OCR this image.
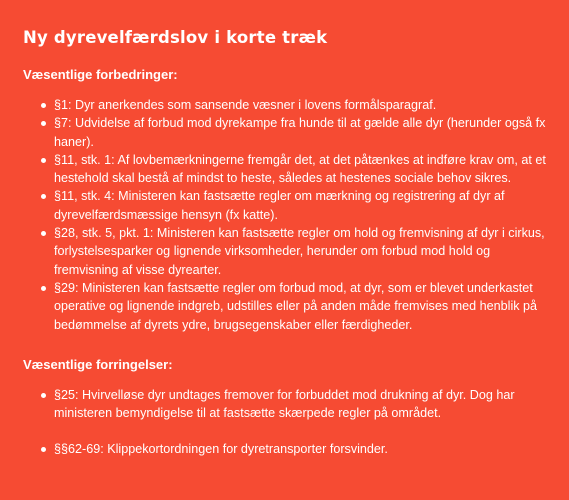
Ny dyrevelfærdslov i korte træk
Væsentlige forbedringer:
§1: Dyr anerkendes som sansende væsner i lovens formålsparagraf.
§7: Udvidelse af forbud mod dyrekampe fra hunde til at gælde alle dyr (herunder også fx haner).
§11, stk. 1: Af lovbemærkningerne fremgår det, at det påtænkes at indføre krav om, at et hestehold skal bestå af mindst to heste, således at hestenes sociale behov sikres.
§11, stk. 4: Ministeren kan fastsætte regler om mærkning og registrering af dyr af dyrevelfærdsmæssige hensyn (fx katte).
§28, stk. 5, pkt. 1: Ministeren kan fastsætte regler om hold og fremvisning af dyr i cirkus, forlystelsesparker og lignende virksomheder, herunder om forbud mod hold og fremvisning af visse dyrearter.
§29: Ministeren kan fastsætte regler om forbud mod, at dyr, som er blevet underkastet operative og lignende indgreb, udstilles eller på anden måde fremvises med henblik på bedømmelse af dyrets ydre, brugsegenskaber eller færdigheder.
Væsentlige forringelser:
§25: Hvirvelløse dyr undtages fremover for forbuddet mod drukning af dyr. Dog har ministeren bemyndigelse til at fastsætte skærpede regler på området.
§§62-69: Klippekortordningen for dyretransporter forsvinder.
